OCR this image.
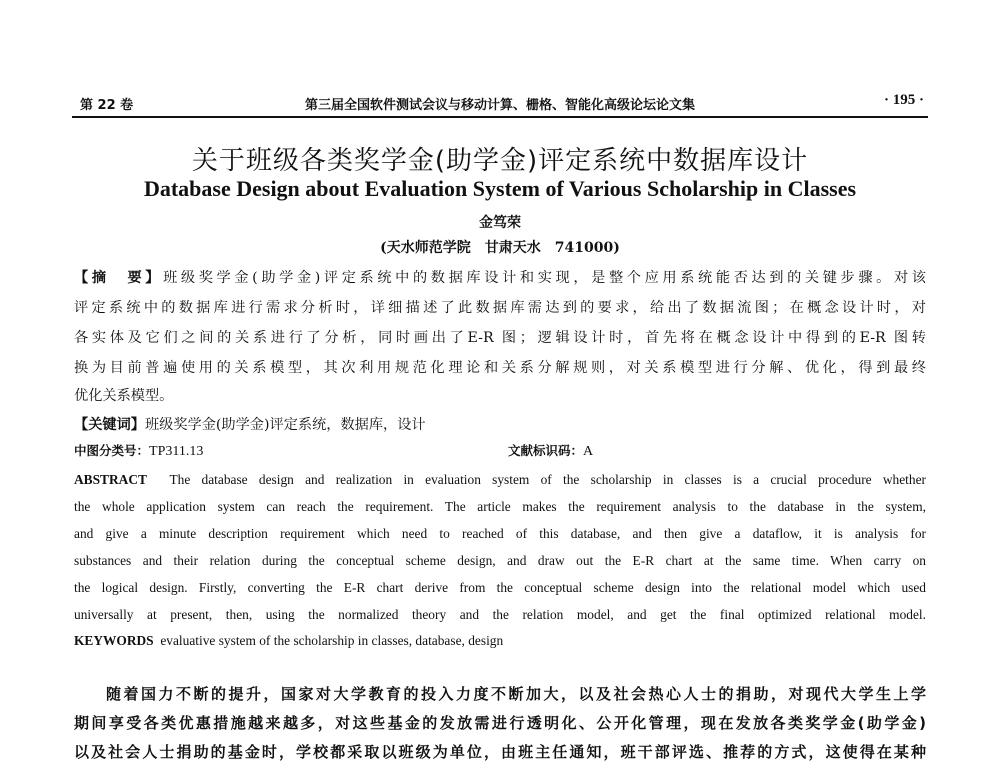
第 22 卷	第三届全国软件测试会议与移动计算、栅格、智能化高级论坛论文集	· 195 ·
关于班级各类奖学金(助学金)评定系统中数据库设计
Database Design about Evaluation System of Various Scholarship in Classes
金笃荣
(天水师范学院　甘肃天水　741000)
【摘　要】班级奖学金(助学金)评定系统中的数据库设计和实现，是整个应用系统能否达到的关键步骤。对该
评定系统中的数据库进行需求分析时，详细描述了此数据库需达到的要求，给出了数据流图；在概念设计时，对
各实体及它们之间的关系进行了分析，同时画出了E-R 图；逻辑设计时，首先将在概念设计中得到的E-R 图转
换为目前普遍使用的关系模型，其次利用规范化理论和关系分解规则，对关系模型进行分解、优化，得到最终
优化关系模型。
【关键词】班级奖学金(助学金)评定系统，数据库，设计
中图分类号：TP311.13	文献标识码：A
ABSTRACT The database design and realization in evaluation system of the scholarship in classes is a crucial procedure whether
the whole application system can reach the requirement. The article makes the requirement analysis to the database in the system,
and give a minute description requirement which need to reached of this database, and then give a dataflow, it is analysis for
substances and their relation during the conceptual scheme design, and draw out the E-R chart at the same time. When carry on
the logical design. Firstly, converting the E-R chart derive from the conceptual scheme design into the relational model which used
universally at present, then, using the normalized theory and the relation model, and get the final optimized relational model.
KEYWORDS evaluative system of the scholarship in classes, database, design
随着国力不断的提升，国家对大学教育的投入力度不断加大，以及社会热心人士的捐助，对现代大学生上学
期间享受各类优惠措施越来越多，对这些基金的发放需进行透明化、公开化管理，现在发放各类奖学金(助学金)
以及社会人士捐助的基金时，学校都采取以班级为单位，由班主任通知，班干部评选、推荐的方式，这使得在某种
